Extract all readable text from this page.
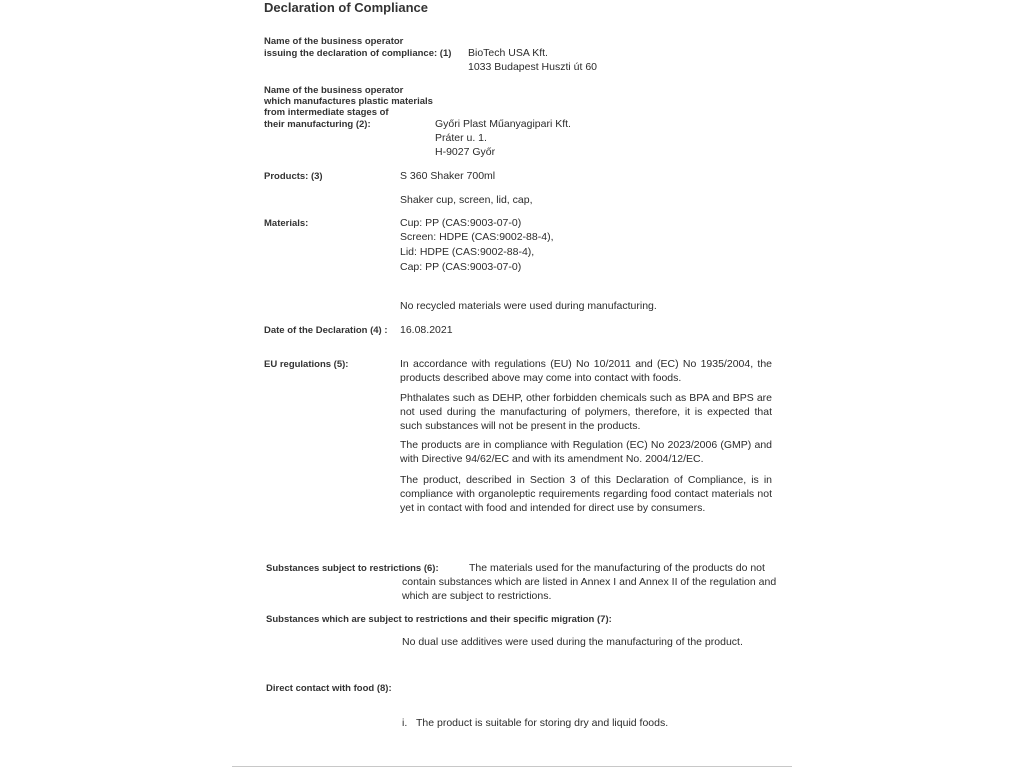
Declaration of Compliance
Name of the business operator
issuing the declaration of compliance: (1) BioTech USA Kft.
1033 Budapest Huszti út 60
Name of the business operator
which manufactures plastic materials
from intermediate stages of
their manufacturing (2):	Győri Plast Műanyagipari Kft.
Práter u. 1.
H-9027 Győr
Products: (3)	S 360 Shaker 700ml
Shaker cup, screen, lid, cap,
Materials:	Cup: PP (CAS:9003-07-0)
Screen: HDPE (CAS:9002-88-4),
Lid: HDPE (CAS:9002-88-4),
Cap: PP (CAS:9003-07-0)
No recycled materials were used during manufacturing.
Date of the Declaration (4) : 16.08.2021
EU regulations (5):	In accordance with regulations (EU) No 10/2011 and (EC) No 1935/2004, the products described above may come into contact with foods.
Phthalates such as DEHP, other forbidden chemicals such as BPA and BPS are not used during the manufacturing of polymers, therefore, it is expected that such substances will not be present in the products.
The products are in compliance with Regulation (EC) No 2023/2006 (GMP) and with Directive 94/62/EC and with its amendment No. 2004/12/EC.
The product, described in Section 3 of this Declaration of Compliance, is in compliance with organoleptic requirements regarding food contact materials not yet in contact with food and intended for direct use by consumers.
Substances subject to restrictions (6):	The materials used for the manufacturing of the products do not
contain substances which are listed in Annex I and Annex II of the regulation and
which are subject to restrictions.
Substances which are subject to restrictions and their specific migration (7):
No dual use additives were used during the manufacturing of the product.
Direct contact with food (8):
i. The product is suitable for storing dry and liquid foods.
